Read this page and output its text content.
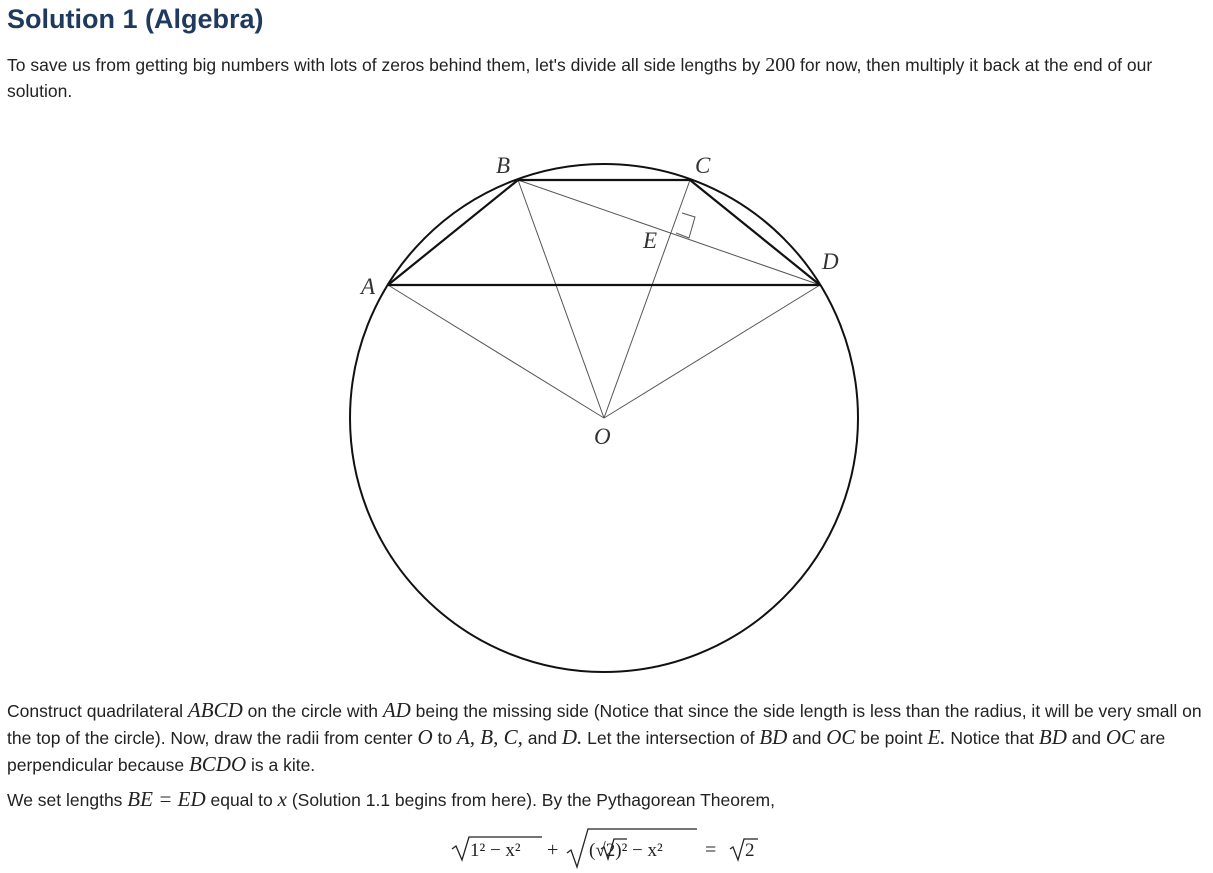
Solution 1 (Algebra)

To save us from getting big numbers with lots of zeros behind them, let's divide all side lengths by 200 for now, then multiply it back at the end of our solution.

A
B	C
D
E
O

Construct quadrilateral ABCD on the circle with AD being the missing side (Notice that since the side length is less than the radius, it will be very small on the top of the circle). Now, draw the radii from center O to A, B, C, and D. Let the intersection of BD and OC be point E. Notice that BD and OC are perpendicular because BCDO is a kite.

We set lengths BE = ED equal to x (Solution 1.1 begins from here). By the Pythagorean Theorem,

1² − x² + (√2)² − x² = 2
